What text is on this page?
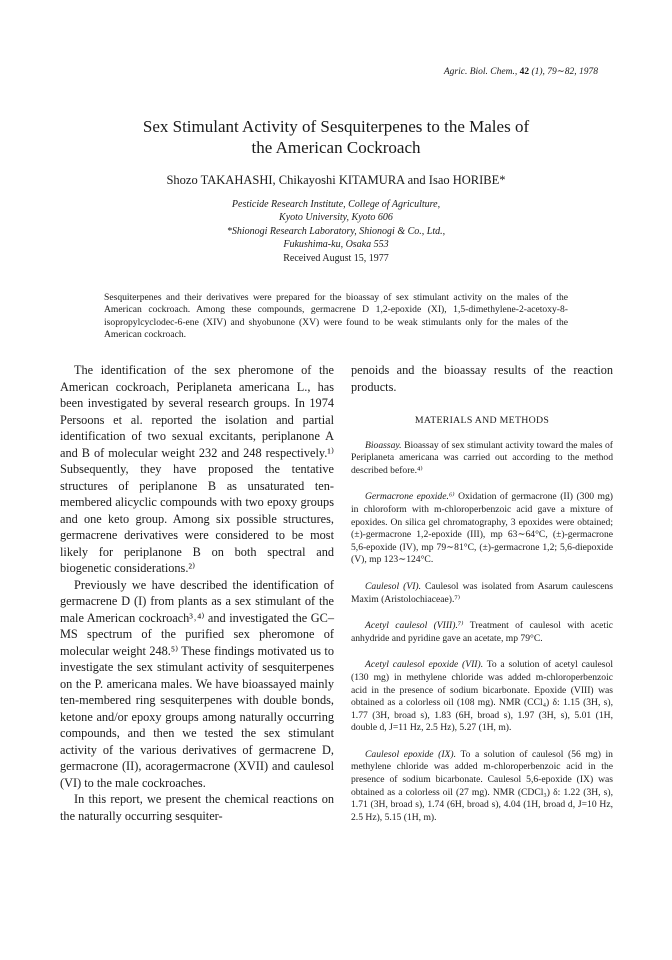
Agric. Biol. Chem., 42 (1), 79∼82, 1978
Sex Stimulant Activity of Sesquiterpenes to the Males of
the American Cockroach
Shozo TAKAHASHI, Chikayoshi KITAMURA and Isao HORIBE*
Pesticide Research Institute, College of Agriculture,
Kyoto University, Kyoto 606
*Shionogi Research Laboratory, Shionogi & Co., Ltd.,
Fukushima-ku, Osaka 553
Received August 15, 1977
Sesquiterpenes and their derivatives were prepared for the bioassay of sex stimulant activity on the males of the American cockroach. Among these compounds, germacrene D 1,2-epoxide (XI), 1,5-dimethylene-2-acetoxy-8-isopropylcyclodec-6-ene (XIV) and shyobunone (XV) were found to be weak stimulants only for the males of the American cockroach.

The identification of the sex pheromone of the American cockroach, Periplaneta americana L., has been investigated by several research groups. In 1974 Persoons et al. reported the isolation and partial identification of two sexual excitants, periplanone A and B of molecular weight 232 and 248 respectively.¹⁾ Subsequently, they have proposed the tentative structures of periplanone B as unsaturated ten-membered alicyclic compounds with two epoxy groups and one keto group. Among six possible structures, germacrene derivatives were considered to be most likely for periplanone B on both spectral and biogenetic considerations.²⁾

Previously we have described the identification of germacrene D (I) from plants as a sex stimulant of the male American cockroach³˒⁴⁾ and investigated the GC–MS spectrum of the purified sex pheromone of molecular weight 248.⁵⁾ These findings motivated us to investigate the sex stimulant activity of sesquiterpenes on the P. americana males. We have bioassayed mainly ten-membered ring sesquiterpenes with double bonds, ketone and/or epoxy groups among naturally occurring compounds, and then we tested the sex stimulant activity of the various derivatives of germacrene D, germacrone (II), acoragermacrone (XVII) and caulesol (VI) to the male cockroaches.

In this report, we present the chemical reactions on the naturally occurring sesquiter-

penoids and the bioassay results of the reaction products.
MATERIALS AND METHODS

Bioassay. Bioassay of sex stimulant activity toward the males of Periplaneta americana was carried out according to the method described before.⁴⁾

Germacrone epoxide.⁶⁾ Oxidation of germacrone (II) (300 mg) in chloroform with m-chloroperbenzoic acid gave a mixture of epoxides. On silica gel chromatography, 3 epoxides were obtained; (±)-germacrone 1,2-epoxide (III), mp 63∼64°C, (±)-germacrone 5,6-epoxide (IV), mp 79∼81°C, (±)-germacrone 1,2; 5,6-diepoxide (V), mp 123∼124°C.

Caulesol (VI). Caulesol was isolated from Asarum caulescens Maxim (Aristolochiaceae).⁷⁾

Acetyl caulesol (VIII).⁷⁾ Treatment of caulesol with acetic anhydride and pyridine gave an acetate, mp 79°C.

Acetyl caulesol epoxide (VII). To a solution of acetyl caulesol (130 mg) in methylene chloride was added m-chloroperbenzoic acid in the presence of sodium bicarbonate. Epoxide (VIII) was obtained as a colorless oil (108 mg). NMR (CCl₄) δ: 1.15 (3H, s), 1.77 (3H, broad s), 1.83 (6H, broad s), 1.97 (3H, s), 5.01 (1H, double d, J=11 Hz, 2.5 Hz), 5.27 (1H, m).

Caulesol epoxide (IX). To a solution of caulesol (56 mg) in methylene chloride was added m-chloroperbenzoic acid in the presence of sodium bicarbonate. Caulesol 5,6-epoxide (IX) was obtained as a colorless oil (27 mg). NMR (CDCl₃) δ: 1.22 (3H, s), 1.71 (3H, broad s), 1.74 (6H, broad s), 4.04 (1H, broad d, J=10 Hz, 2.5 Hz), 5.15 (1H, m).
